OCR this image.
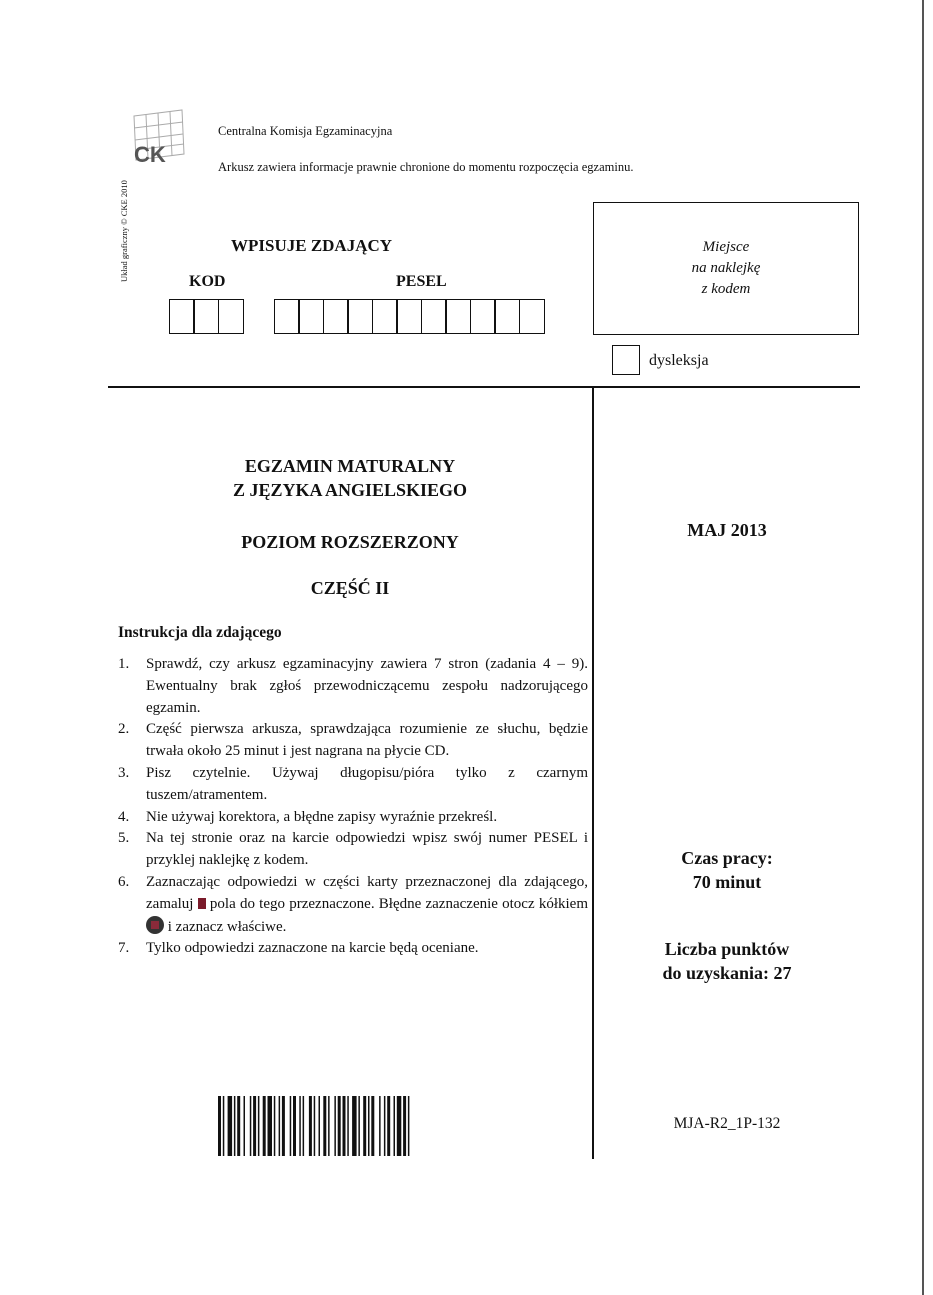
CK
Centralna Komisja Egzaminacyjna
Arkusz zawiera informacje prawnie chronione do momentu rozpoczęcia egzaminu.
Układ graficzny © CKE 2010	WPISUJE ZDAJĄCY
KOD	PESEL
Miejsce
na naklejkę
z kodem
dysleksja
EGZAMIN MATURALNY
Z JĘZYKA ANGIELSKIEGO
POZIOM ROZSZERZONY
CZĘŚĆ II
Instrukcja dla zdającego
1.	Sprawdź, czy arkusz egzaminacyjny zawiera 7 stron (zadania 4 – 9). Ewentualny brak zgłoś przewodniczącemu zespołu nadzorującego egzamin.
2.	Część pierwsza arkusza, sprawdzająca rozumienie ze słuchu, będzie trwała około 25 minut i jest nagrana na płycie CD.
3.	Pisz czytelnie. Używaj długopisu/pióra tylko z czarnym tuszem/atramentem.
4.	Nie używaj korektora, a błędne zapisy wyraźnie przekreśl.
5.	Na tej stronie oraz na karcie odpowiedzi wpisz swój numer PESEL i przyklej naklejkę z kodem.
6.	Zaznaczając odpowiedzi w części karty przeznaczonej dla zdającego, zamaluj pola do tego przeznaczone. Błędne zaznaczenie otocz kółkiem  i zaznacz właściwe.
7.	Tylko odpowiedzi zaznaczone na karcie będą oceniane.
MAJ 2013
Czas pracy:
70 minut
Liczba punktów
do uzyskania: 27
MJA-R2_1P-132
